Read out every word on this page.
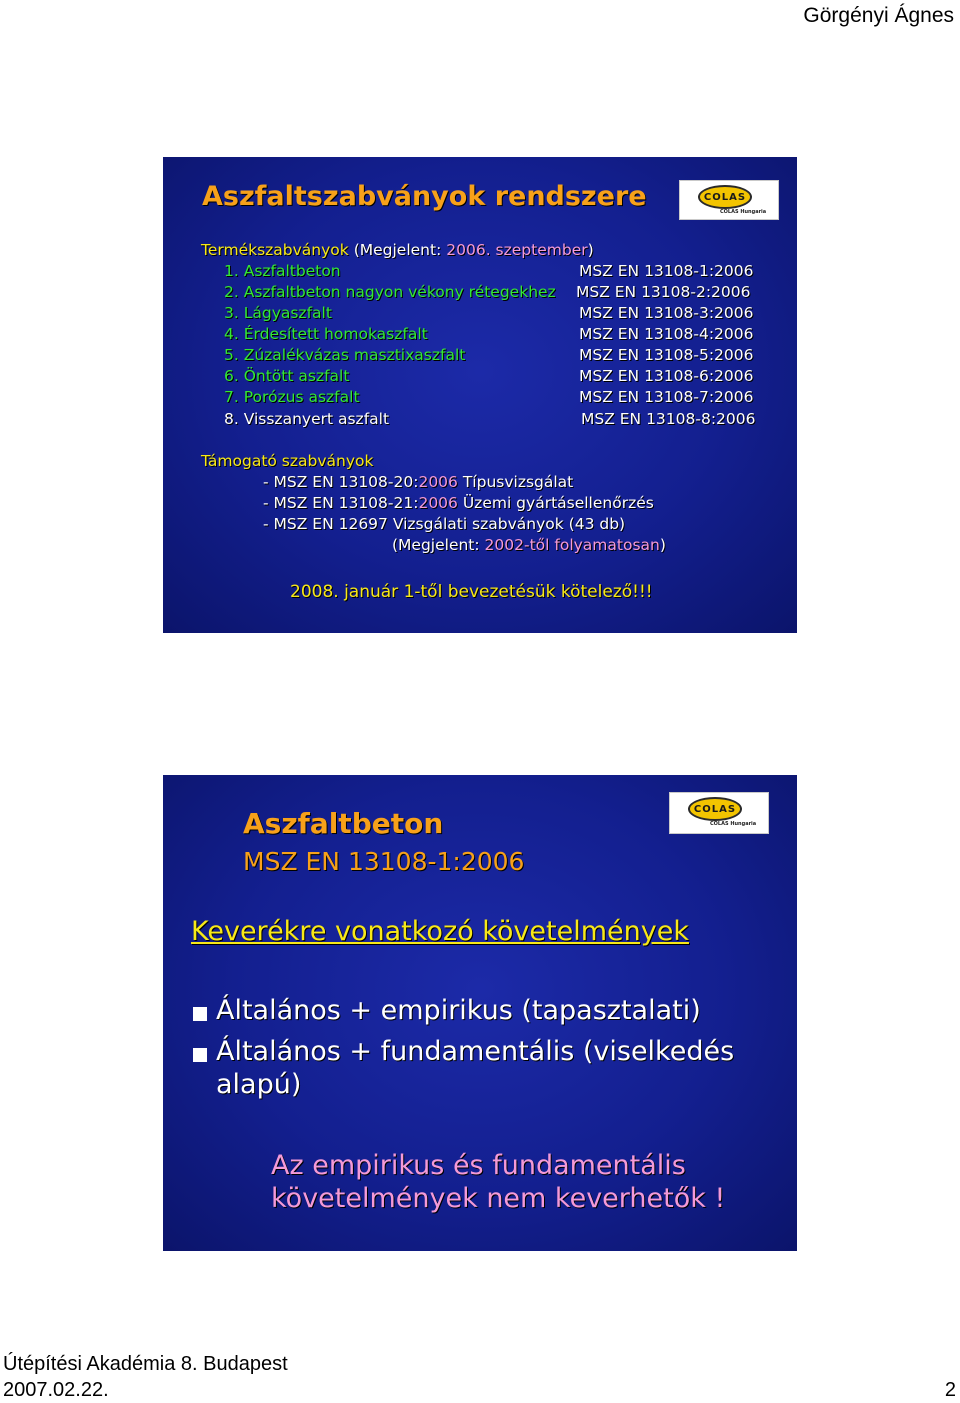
Görgényi Ágnes
Aszfaltszabványok rendszere	COLAS
COLAS Hungaria
Termékszabványok (Megjelent: 2006. szeptember)
1. Aszfaltbeton	MSZ EN 13108-1:2006
2. Aszfaltbeton nagyon vékony rétegekhez MSZ EN 13108-2:2006
3. Lágyaszfalt	MSZ EN 13108-3:2006
4. Érdesített homokaszfalt	MSZ EN 13108-4:2006
5. Zúzalékvázas masztixaszfalt	MSZ EN 13108-5:2006
6. Öntött aszfalt	MSZ EN 13108-6:2006
7. Porózus aszfalt	MSZ EN 13108-7:2006
8. Visszanyert aszfalt	MSZ EN 13108-8:2006
Támogató szabványok
- MSZ EN 13108-20:2006 Típusvizsgálat
- MSZ EN 13108-21:2006 Üzemi gyártásellenőrzés
- MSZ EN 12697 Vizsgálati szabványok (43 db)
(Megjelent: 2002-től folyamatosan)
2008. január 1-től bevezetésük kötelező!!!
Aszfaltbeton
MSZ EN 13108-1:2006
COLAS
COLAS Hungaria
Keverékre vonatkozó követelmények
Általános + empirikus (tapasztalati)
Általános + fundamentális (viselkedés
alapú)
Az empirikus és fundamentális
követelmények nem keverhetők !
Útépítési Akadémia 8. Budapest
2007.02.22.	2
